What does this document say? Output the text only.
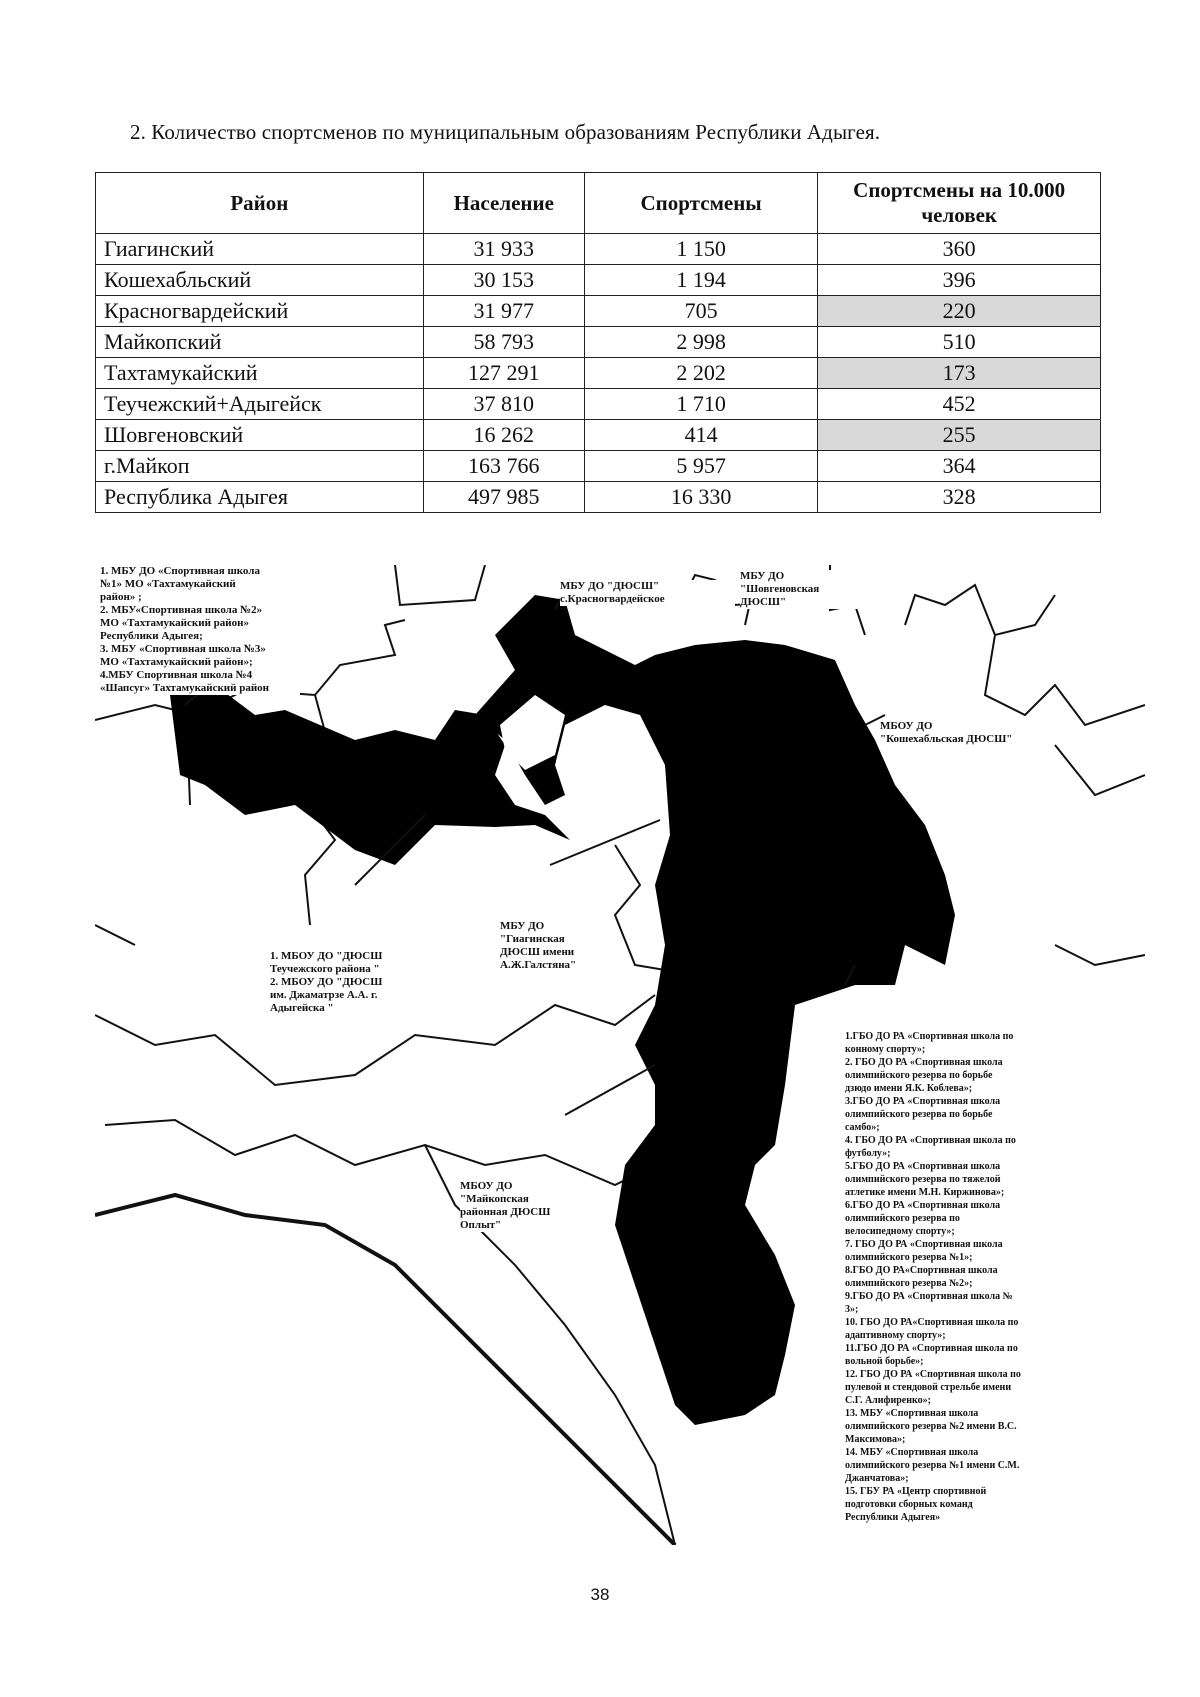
2. Количество спортсменов по муниципальным образованиям Республики Адыгея.
Район	Население	Спортсмены	Спортсмены на 10.000 человек
Гиагинский	31 933	1 150	360
Кошехабльский	30 153	1 194	396
Красногвардейский	31 977	705	220
Майкопский	58 793	2 998	510
Тахтамукайский	127 291	2 202	173
Теучежский+Адыгейск	37 810	1 710	452
Шовгеновский	16 262	414	255
г.Майкоп	163 766	5 957	364
Республика Адыгея	497 985	16 330	328
1. МБУ ДО «Спортивная школа
№1» МО «Тахтамукайский
район» ;
2. МБУ«Спортивная школа №2»
МО «Тахтамукайский район»
Республики Адыгея;
3. МБУ «Спортивная школа №3»
МО «Тахтамукайский район»;
4.МБУ Спортивная школа №4
«Шапсуг» Тахтамукайский район
МБУ ДО "ДЮСШ"
с.Красногвардейское
МБУ ДО
"Шовгеновская
ДЮСШ"
МБОУ ДО
"Кошехабльская ДЮСШ"
МБУ ДО
"Гиагинская
ДЮСШ имени
А.Ж.Галстяна"
1. МБОУ ДО "ДЮСШ
Теучежского района "
2. МБОУ ДО "ДЮСШ
им. Джаматрзе А.А. г.
Адыгейска "
МБОУ ДО
"Майкопская
районная ДЮСШ
Оплыт"
1.ГБО ДО РА «Спортивная школа по
конному спорту»;
2. ГБО ДО РА «Спортивная школа
олимпийского резерва по борьбе
дзюдо имени Я.К. Коблева»;
3.ГБО ДО РА «Спортивная школа
олимпийского резерва по борьбе
самбо»;
4. ГБО ДО РА «Спортивная школа по
футболу»;
5.ГБО ДО РА «Спортивная школа
олимпийского резерва по тяжелой
атлетике имени М.Н. Киржинова»;
6.ГБО ДО РА «Спортивная школа
олимпийского резерва по
велосипедному спорту»;
7. ГБО ДО РА «Спортивная школа
олимпийского резерва №1»;
8.ГБО ДО РА«Спортивная школа
олимпийского резерва №2»;
9.ГБО ДО РА «Спортивная школа №
3»;
10. ГБО ДО РА«Спортивная школа по
адаптивному спорту»;
11.ГБО ДО РА «Спортивная школа по
вольной борьбе»;
12. ГБО ДО РА «Спортивная школа по
пулевой и стендовой стрельбе имени
С.Г. Алифиренко»;
13. МБУ «Спортивная школа
олимпийского резерва №2 имени В.С.
Максимова»;
14. МБУ «Спортивная школа
олимпийского резерва №1 имени С.М.
Джанчатова»;
15. ГБУ РА «Центр спортивной
подготовки сборных команд
Республики Адыгея»
38
